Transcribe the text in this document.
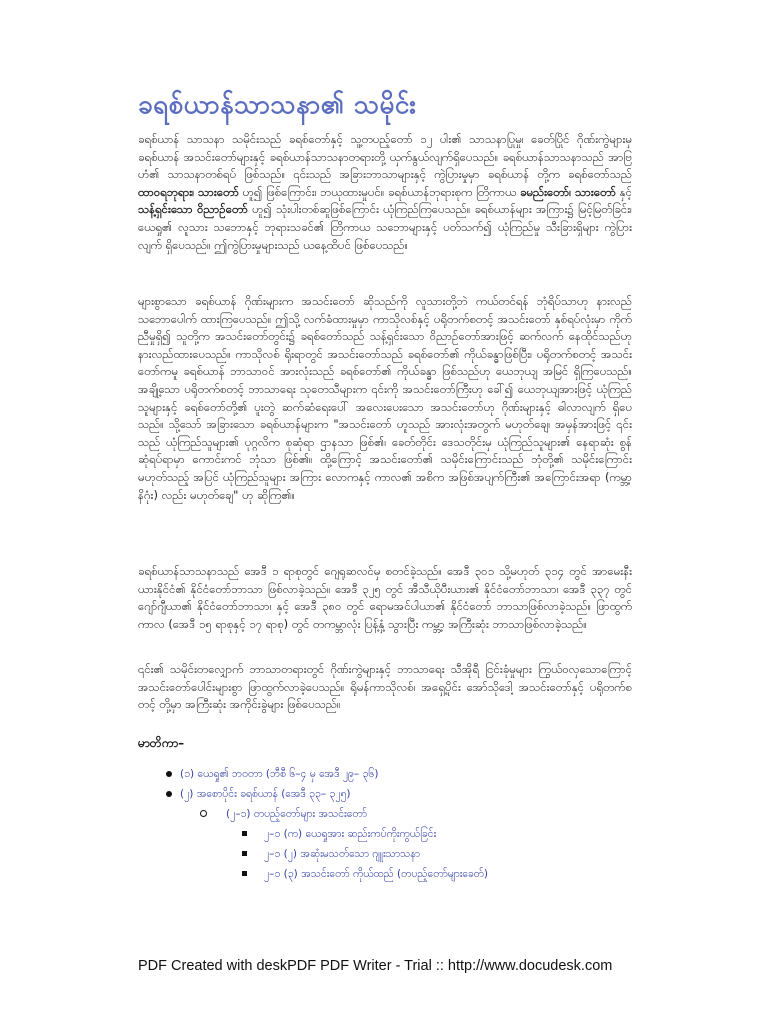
ခရစ်ယာန်သာသနာ၏ သမိုင်း
ခရစ်ယာန် သာသနာ သမိုင်းသည် ခရစ်တော်နှင့် သူ့တပည့်တော် ၁၂ ပါး၏ သာသနာပြုမှု၊ ခေတ်ပြိုင် ဂိုဏ်းကွဲများမှ ခရစ်ယာန် အသင်းတော်များနှင့် ခရစ်ယာန်သာသနာတရားတို့ ယှက်နွယ်လျက်ရှိပေသည်။ ခရစ်ယာန်သာသနာသည် အာဗြဟံ၏ သာသနာတစ်ရပ် ဖြစ်သည်။ ၎င်းသည် အခြားဘာသာများနှင့် ကွဲပြားမှုမှာ ခရစ်ယာန် တို့က ခရစ်တော်သည် ထာဝရဘုရား၊ သားတော် ဟူ၍ ဖြစ်ကြောင်း၊ ဘယုထားမှုပင်။ ခရစ်ယာန်ဘုရားစုက တြိကာယ ခမည်းတော်၊ သားတော် နှင့် သန့်ရှင်းသော ဝိညာဉ်တော် ဟူ၍ သုံးပါးတစ်ဆူဖြစ်ကြောင်း ယုံကြည်ကြပေသည်။ ခရစ်ယာန်များ အကြား၌ မြင့်မြတ်ခြင်း၊ ယေရှု၏ လူသား သဘောနှင့် ဘုရားသခင်၏ တြိကာယ သဘောများနှင့် ပတ်သက်၍ ယုံကြည်မှု သီးခြားရှိများ ကွဲပြားလျက် ရှိပေသည်။ ဤကွဲပြားမှုများသည် ယနေ့ထိပင် ဖြစ်ပေသည်။
များစွာသော ခရစ်ယာန် ဂိုဏ်းများက အသင်းတော် ဆိုသည်ကို လူသားတို့ဘဲ ကယ်တင်ရန် ဘုံရိပ်သာဟု နားလည် သဘောပေါက် ထားကြပေသည်။ ဤသို့ လက်ခံထားမှုမှာ ကာသိုလစ်နှင့် ပရိုတက်စတင့် အသင်းတော် နှစ်ရပ်လုံးမှာ ကိုက်ညီမှုရှိ၍ သူတို့က အသင်းတော်တွင်း၌ ခရစ်တော်သည် သန့်ရှင်းသော ဝိညာဉ်တော်အားဖြင့် ဆက်လက် နေထိုင်သည်ဟု နားလည်ထားပေသည်။ ကာသိုလစ် ရိုးရာတွင် အသင်းတော်သည် ခရစ်တော်၏ ကိုယ်ခန္ဓာဖြစ်ပြီး၊ ပရိုတက်စတင့် အသင်းတော်ကမူ ခရစ်ယာန် ဘာသာဝင် အားလုံးသည် ခရစ်တော်၏ ကိုယ်ခန္ဓာ ဖြစ်သည်ဟု ယေဘုယျ အမြင် ရှိကြပေသည်။ အချို့သော ပရိုတက်စတင့် ဘာသာရေး သုတေသီများက ၎င်းကို အသင်းတော်ကြီးဟု ခေါ်၍ ယေဘုယျအားဖြင့် ယုံကြည်သူများနှင့် ခရစ်တော်တို့၏ ပူးတွဲ ဆက်ဆံရေးပေါ် အလေးပေးသော အသင်းတော်ဟု ဂိုဏ်းများနှင့် ဓါလာလျက် ရှိပေသည်။ သို့သော် အခြားသော ခရစ်ယာန်များက "အသင်းတော် ဟူသည် အားလုံးအတွက် မဟုတ်ချေ၊ အမှန်အားဖြင့် ၎င်းသည် ယုံကြည်သူများ၏ ပုဂ္ဂလိက စုဆုံရာ ဌာနသာ ဖြစ်၏၊ ခေတ်တိုင်း ဒေသတိုင်းမှ ယုံကြည်သူများ၏ နေရာဆုံး စွန် ဆုံရပ်ရာမှာ ကောင်းကင် ဘုံသာ ဖြစ်၏။ ထို့ကြောင့် အသင်းတော်၏ သမိုင်းကြောင်းသည် ဘုံတို့၏ သမိုင်းကြောင်း မဟုတ်သည့် အပြင် ယုံကြည်သူများ အကြား လောကနှင့် ကာလ၏ အစိက အဖြစ်အပျက်ကြီး၏ အကြောင်းအရာ (ကမ္ဘာ့ နိဂုံး) လည်း မဟုတ်ချေ" ဟု ဆိုကြ၏။
ခရစ်ယာန်သာသနာသည် အေဒီ ၁ ရာစုတွင် ဂျေရုဆလင်မှ စတင်ခဲ့သည်။ အေဒီ ၃၀၁ သို့မဟုတ် ၃၁၄ တွင် အာမေးနီးယားနိုင်ငံ၏ နိုင်ငံတော်ဘာသာ ဖြစ်လာခဲ့သည်။ အေဒီ ၃၂၅ တွင် အီသီယိုပီးယား၏ နိုင်ငံတော်ဘာသာ၊ အေဒီ ၃၃၇ တွင် ဂျော်ဂျီယာ၏ နိုင်ငံတော်ဘာသာ၊ နှင့် အေဒီ ၃၈၀ တွင် ရောမအင်ပါယာ၏ နိုင်ငံတော် ဘာသာဖြစ်လာခဲ့သည်။ ဖြာထွက်ကာလ (အေဒီ ၁၅ ရာစုနှင့် ၁၇ ရာစု) တွင် တကမ္ဘာလုံး ပြန့်နှံ့ သွားပြီး ကမ္ဘာ့ အကြီးဆုံး ဘာသာဖြစ်လာခဲ့သည်။
၎င်း၏ သမိုင်းတလျှောက် ဘာသာတရားတွင် ဂိုဏ်းကွဲများနှင့် ဘာသာရေး သီအိုရီ ငြင်းခုံမှုများ ကြွယ်ဝလှသောကြောင့် အသင်းတော်ပေါင်းများစွာ ဖြာထွက်လာခဲ့ပေသည်။ ရိုမန်ကာသိုလစ်၊ အရှေ့ပိုင်း အော်သိုဒေါ့ အသင်းတော်နှင့် ပရိုတက်စတင့် တို့မှာ အကြီးဆုံး အကိုင်းခွဲများ ဖြစ်ပေသည်။
မာတိကာ–
(၁) ယေရှု၏ ဘဝတာ (ဘီစီ ၆–၄ မှ အေဒီ ၂၉– ၃၆)
(၂) အစောပိုင်း ခရစ်ယာန် (အေဒီ ၃၃– ၃၂၅)
(၂–၁) တပည့်တော်များ အသင်းတော်
၂–၁ (က) ယေရှုအား ဆည်းကပ်ကိုးကွယ်ခြင်း
၂–၁ (၂) အဆုံးမသတ်သော ဂျူးသာသနာ
၂–၁ (၃) အသင်းတော် ကိုယ်ထည် (တပည့်တော်များခေတ်)
PDF Created with deskPDF PDF Writer - Trial :: http://www.docudesk.com
